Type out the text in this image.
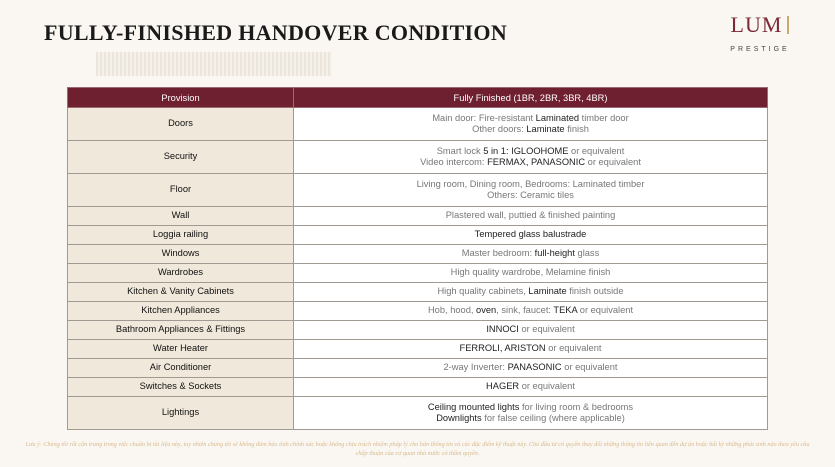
FULLY-FINISHED HANDOVER CONDITION	LUM
PRESTIGE
Provision	Fully Finished (1BR, 2BR, 3BR, 4BR)
Doors	Main door: Fire-resistant Laminated timber door
Other doors: Laminate finish

Security	Smart lock 5 in 1: IGLOOHOME or equivalent
Video intercom: FERMAX, PANASONIC or equivalent

Floor	Living room, Dining room, Bedrooms: Laminated timber
Others: Ceramic tiles

Wall	Plastered wall, puttied & finished painting

Loggia railing	Tempered glass balustrade

Windows	Master bedroom: full-height glass

Wardrobes	High quality wardrobe, Melamine finish

Kitchen & Vanity Cabinets	High quality cabinets, Laminate finish outside

Kitchen Appliances	Hob, hood, oven, sink, faucet: TEKA or equivalent

Bathroom Appliances & Fittings	INNOCI or equivalent

Water Heater	FERROLI, ARISTON or equivalent

Air Conditioner	2-way Inverter: PANASONIC or equivalent

Switches & Sockets	HAGER or equivalent

Lightings	Ceiling mounted lights for living room & bedrooms
Downlights for false ceiling (where applicable)
Lưu ý: Chúng tôi rất cẩn trọng trong việc chuẩn bị tài liệu này, tuy nhiên chúng tôi sẽ không đảm bảo tính chính xác hoặc không chịu trách nhiệm pháp lý cho bản thông tin và các đặc điểm kỹ thuật này. Chủ đầu tư có quyền thay đổi những thông tin liên quan đến dự án hoặc bất kỳ những phát sinh nào theo yêu cầu chấp thuận của cơ quan nhà nước có thẩm quyền.
